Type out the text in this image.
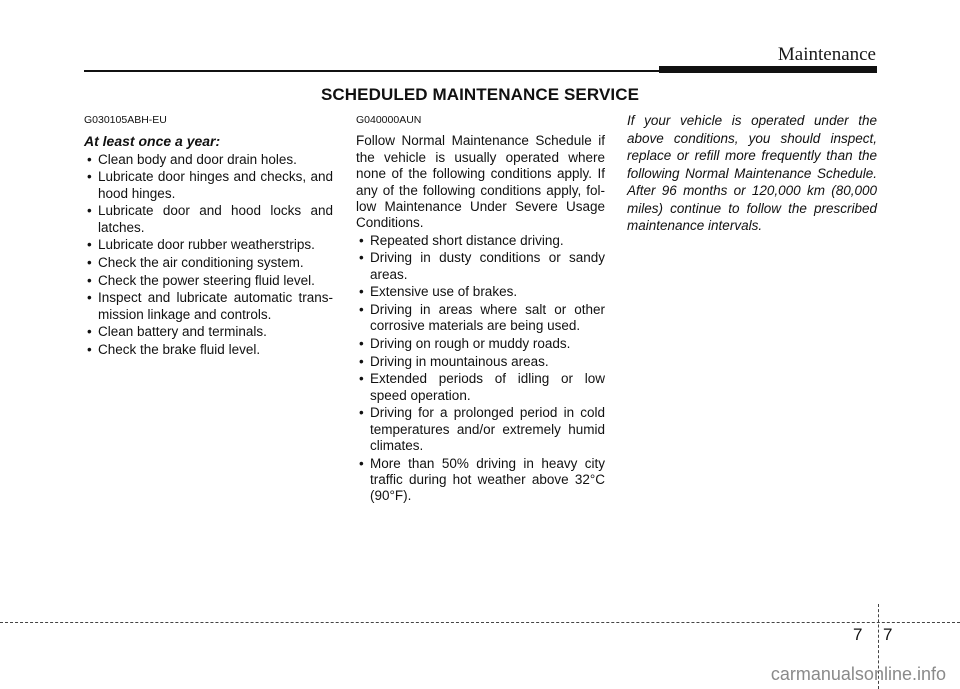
Maintenance
SCHEDULED MAINTENANCE SERVICE
G030105ABH-EU
At least once a year:
• Clean body and door drain holes.
• Lubricate door hinges and checks, and hood hinges.
• Lubricate door and hood locks and latches.
• Lubricate door rubber weatherstrips.
• Check the air conditioning system.
• Check the power steering fluid level.
• Inspect and lubricate automatic trans-mission linkage and controls.
• Clean battery and terminals.
• Check the brake fluid level.
G040000AUN
Follow Normal Maintenance Schedule if the vehicle is usually operated where none of the following conditions apply. If any of the following conditions apply, fol-low Maintenance Under Severe Usage Conditions.
• Repeated short distance driving.
• Driving in dusty conditions or sandy areas.
• Extensive use of brakes.
• Driving in areas where salt or other corrosive materials are being used.
• Driving on rough or muddy roads.
• Driving in mountainous areas.
• Extended periods of idling or low speed operation.
• Driving for a prolonged period in cold temperatures and/or extremely humid climates.
• More than 50% driving in heavy city traffic during hot weather above 32°C (90°F).
If your vehicle is operated under the above conditions, you should inspect, replace or refill more frequently than the following Normal Maintenance Schedule. After 96 months or 120,000 km (80,000 miles) continue to follow the prescribed maintenance intervals.
7 7
carmanualsonline.info
